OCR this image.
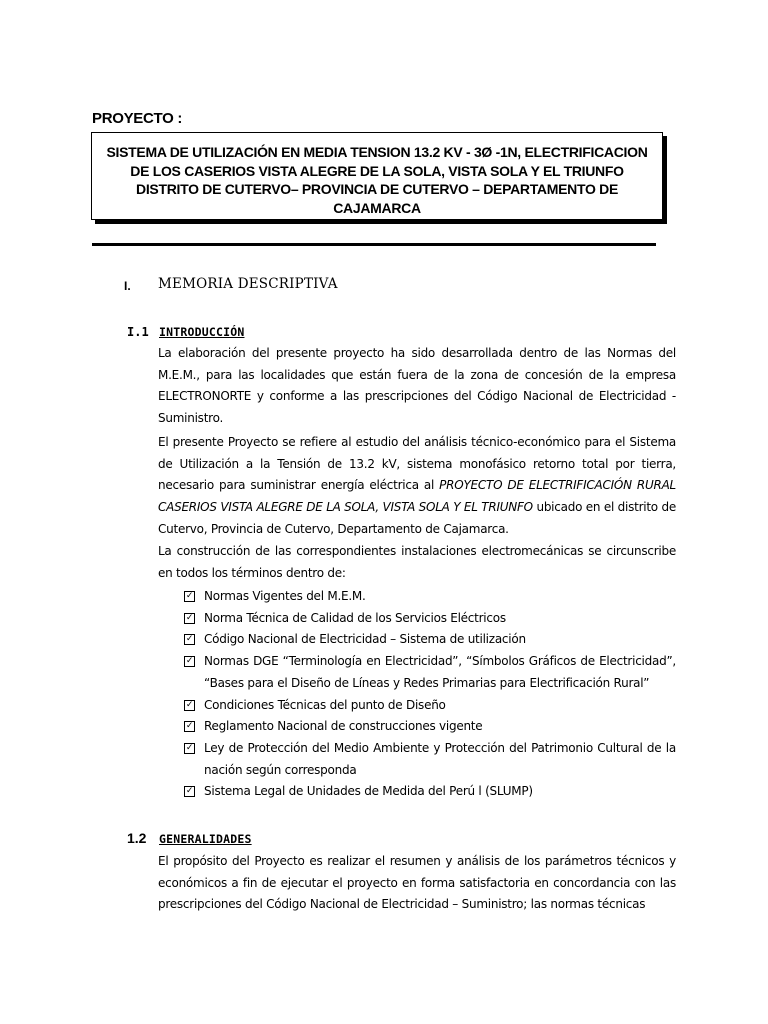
PROYECTO :
SISTEMA DE UTILIZACIÓN EN MEDIA TENSION 13.2 KV - 3Ø -1N, ELECTRIFICACION
DE LOS CASERIOS VISTA ALEGRE DE LA SOLA, VISTA SOLA Y EL TRIUNFO
DISTRITO DE CUTERVO– PROVINCIA DE CUTERVO – DEPARTAMENTO DE
CAJAMARCA
I. MEMORIA DESCRIPTIVA
I.1 INTRODUCCIÓN
La elaboración del presente proyecto ha sido desarrollada dentro de las Normas del M.E.M., para las localidades que están fuera de la zona de concesión de la empresa ELECTRONORTE y conforme a las prescripciones del Código Nacional de Electricidad - Suministro.
El presente Proyecto se refiere al estudio del análisis técnico-económico para el Sistema de Utilización a la Tensión de 13.2 kV, sistema monofásico retorno total por tierra, necesario para suministrar energía eléctrica al PROYECTO DE ELECTRIFICACIÓN RURAL CASERIOS VISTA ALEGRE DE LA SOLA, VISTA SOLA Y EL TRIUNFO ubicado en el distrito de Cutervo, Provincia de Cutervo, Departamento de Cajamarca.
La construcción de las correspondientes instalaciones electromecánicas se circunscribe en todos los términos dentro de:
✓ Normas Vigentes del M.E.M.
✓ Norma Técnica de Calidad de los Servicios Eléctricos
✓ Código Nacional de Electricidad – Sistema de utilización
✓ Normas DGE “Terminología en Electricidad”, “Símbolos Gráficos de Electricidad”, “Bases para el Diseño de Líneas y Redes Primarias para Electrificación Rural”
✓ Condiciones Técnicas del punto de Diseño
✓ Reglamento Nacional de construcciones vigente
✓ Ley de Protección del Medio Ambiente y Protección del Patrimonio Cultural de la nación según corresponda
✓ Sistema Legal de Unidades de Medida del Perú l (SLUMP)
1.2 GENERALIDADES
El propósito del Proyecto es realizar el resumen y análisis de los parámetros técnicos y económicos a fin de ejecutar el proyecto en forma satisfactoria en concordancia con las prescripciones del Código Nacional de Electricidad – Suministro; las normas técnicas
